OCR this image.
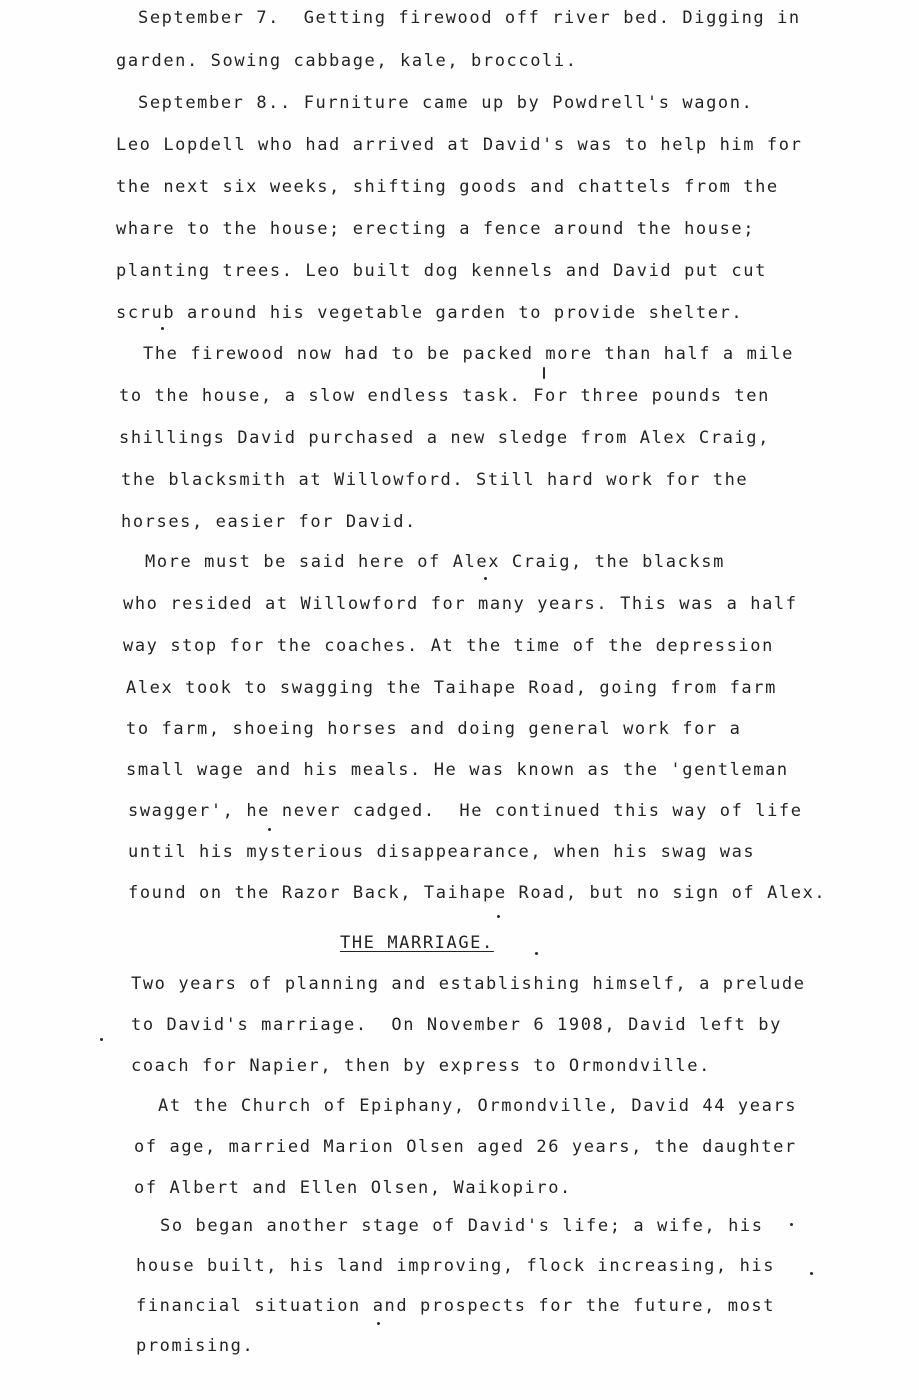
September 7.  Getting firewood off river bed. Digging in
garden. Sowing cabbage, kale, broccoli.
September 8.. Furniture came up by Powdrell's wagon.
Leo Lopdell who had arrived at David's was to help him for
the next six weeks, shifting goods and chattels from the
whare to the house; erecting a fence around the house;
planting trees. Leo built dog kennels and David put cut
scrub around his vegetable garden to provide shelter.
The firewood now had to be packed more than half a mile
to the house, a slow endless task. For three pounds ten
shillings David purchased a new sledge from Alex Craig,
the blacksmith at Willowford. Still hard work for the
horses, easier for David.
More must be said here of Alex Craig, the blacksm
who resided at Willowford for many years. This was a half
way stop for the coaches. At the time of the depression
Alex took to swagging the Taihape Road, going from farm
to farm, shoeing horses and doing general work for a
small wage and his meals. He was known as the 'gentleman
swagger', he never cadged.  He continued this way of life
until his mysterious disappearance, when his swag was
found on the Razor Back, Taihape Road, but no sign of Alex.
THE MARRIAGE.
Two years of planning and establishing himself, a prelude
to David's marriage.  On November 6 1908, David left by
coach for Napier, then by express to Ormondville.
At the Church of Epiphany, Ormondville, David 44 years
of age, married Marion Olsen aged 26 years, the daughter
of Albert and Ellen Olsen, Waikopiro.
So began another stage of David's life; a wife, his
house built, his land improving, flock increasing, his
financial situation and prospects for the future, most
promising.
